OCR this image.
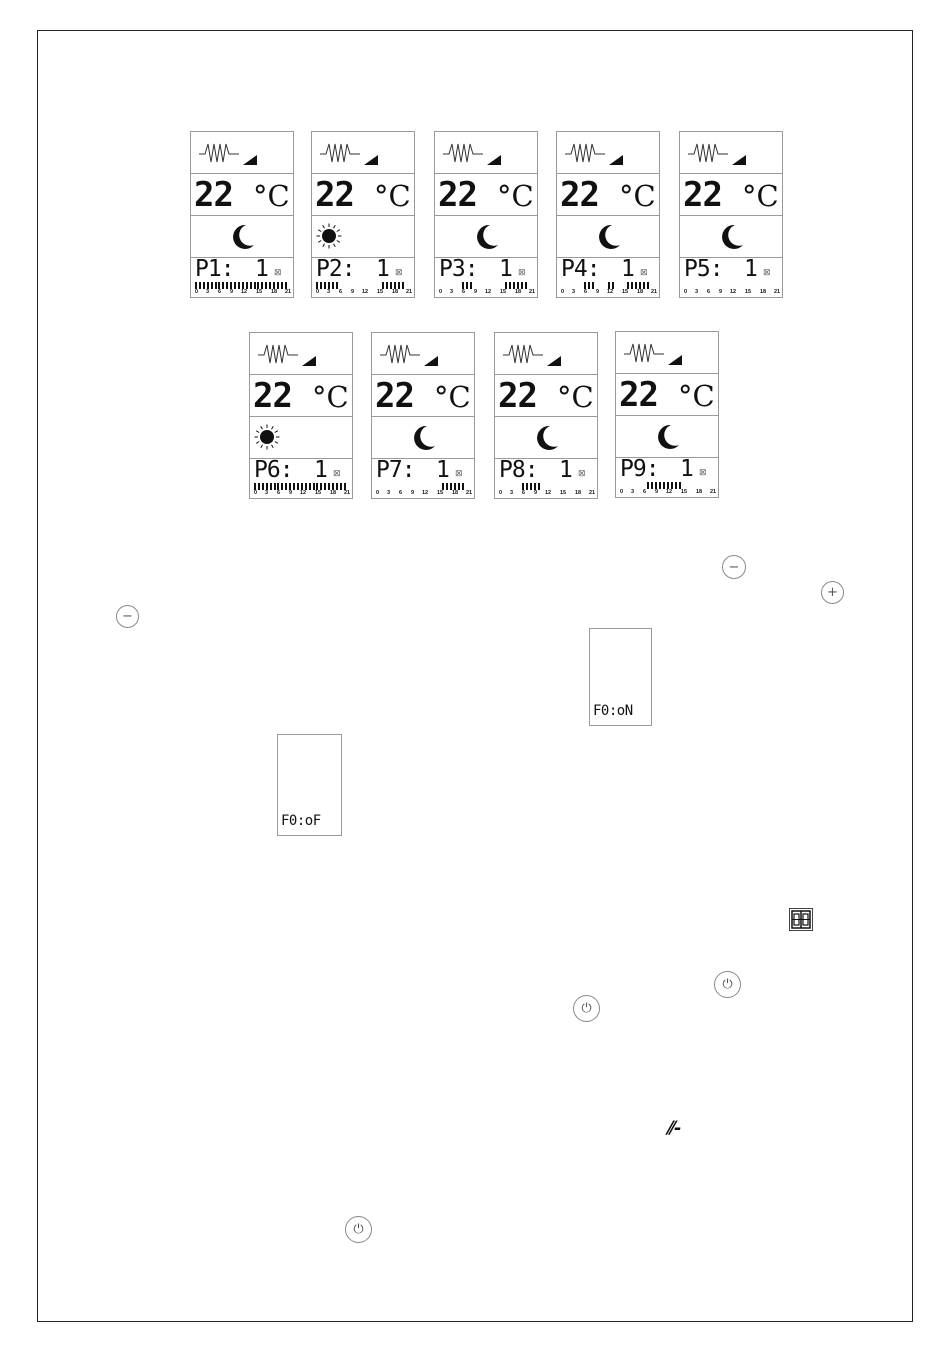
22 °C
P1: 1 ⊠
0 3 6 9 12 15 18 21
22 °C
P2: 1 ⊠
0 3 6 9 12 15 18 21
22 °C
P3: 1 ⊠
0 3 6 9 12 15 18 21
22 °C
P4: 1 ⊠
0 3 6 9 12 15 18 21
22 °C
P5: 1 ⊠
0 3 6 9 12 15 18 21
22 °C
P6: 1 ⊠
0 3 6 9 12 15 18 21
22 °C
P7: 1 ⊠
0 3 6 9 12 15 18 21
22 °C
P8: 1 ⊠
0 3 6 9 12 15 18 21
22 °C
P9: 1 ⊠
0 3 6 9 12 15 18 21
−
+
−
F0:oN
F0:oF
⏻
⏻
⫽-
⏻
